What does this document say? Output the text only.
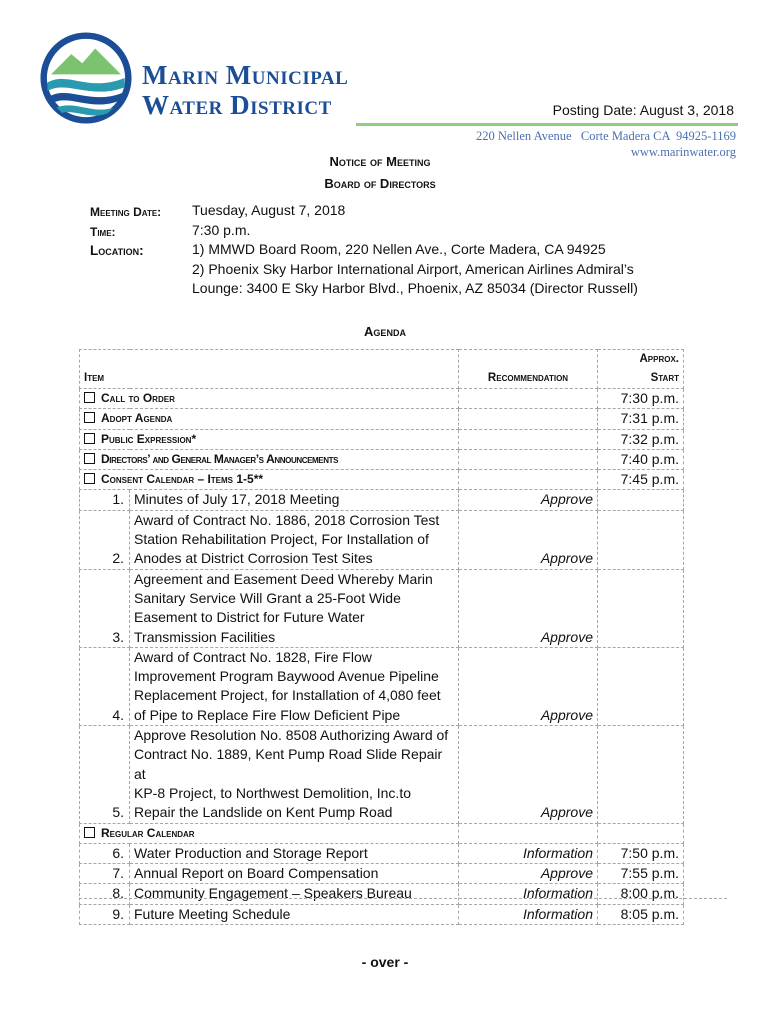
Marin Municipal
Water District	Posting Date: August 3, 2018
220 Nellen Avenue   Corte Madera CA  94925-1169
www.marinwater.org
Notice of Meeting
Board of Directors
Meeting Date: Tuesday, August 7, 2018
Time:	7:30 p.m.
Location:	1) MMWD Board Room, 220 Nellen Ave., Corte Madera, CA 94925
2) Phoenix Sky Harbor International Airport, American Airlines Admiral’s
Lounge: 3400 E Sky Harbor Blvd., Phoenix, AZ 85034 (Director Russell)
Agenda
Item		Recommendation	Approx.
Start

Call to Order			7:30 p.m.
Adopt Agenda			7:31 p.m.
Public Expression*			7:32 p.m.
Directors’ and General Manager’s Announcements			7:40 p.m.
Consent Calendar – Items 1-5**			7:45 p.m.
1.	Minutes of July 17, 2018 Meeting	Approve	
2.	Award of Contract No. 1886, 2018 Corrosion Test
Station Rehabilitation Project, For Installation of
Anodes at District Corrosion Test Sites	Approve	
3.	Agreement and Easement Deed Whereby Marin
Sanitary Service Will Grant a 25-Foot Wide
Easement to District for Future Water
Transmission Facilities	Approve	
4.	Award of Contract No. 1828, Fire Flow
Improvement Program Baywood Avenue Pipeline
Replacement Project, for Installation of 4,080 feet
of Pipe to Replace Fire Flow Deficient Pipe	Approve	
5.	Approve Resolution No. 8508 Authorizing Award of
Contract No. 1889, Kent Pump Road Slide Repair at
KP-8 Project, to Northwest Demolition, Inc.to
Repair the Landslide on Kent Pump Road	Approve	
Regular Calendar			
6.	Water Production and Storage Report	Information	7:50 p.m.
7.	Annual Report on Board Compensation	Approve	7:55 p.m.
8.	Community Engagement – Speakers Bureau	Information	8:00 p.m.
9.	Future Meeting Schedule	Information	8:05 p.m.
- over -
